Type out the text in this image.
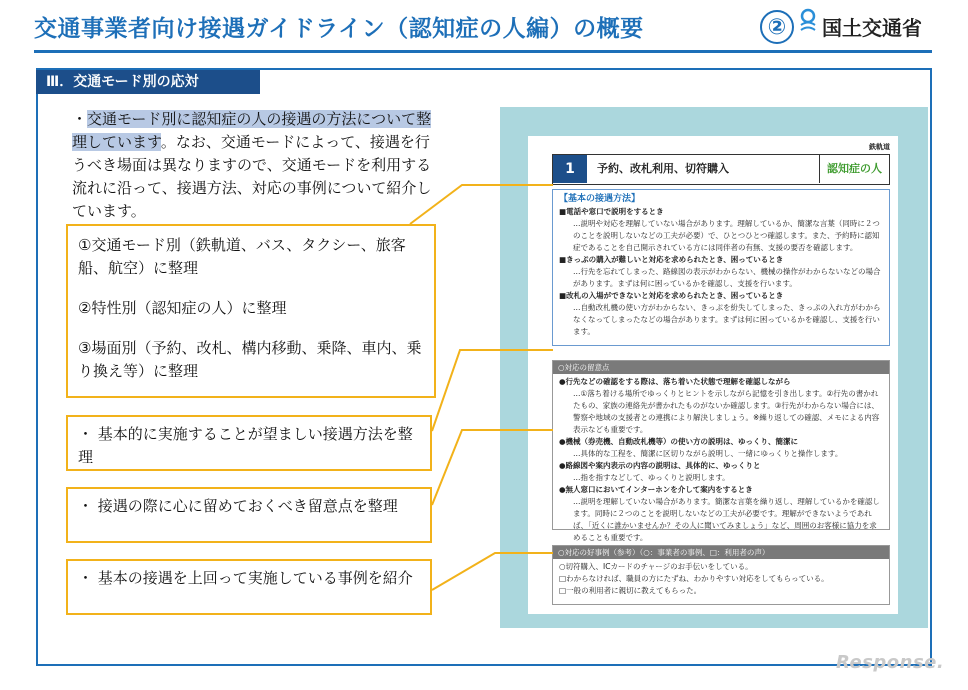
交通事業者向け接遇ガイドライン（認知症の人編）の概要	②	国土交通省
Ⅲ．交通モード別の応対
・交通モード別に認知症の人の接遇の方法について整理しています。なお、交通モードによって、接遇を行うべき場面は異なりますので、交通モードを利用する流れに沿って、接遇方法、対応の事例について紹介しています。

①交通モード別（鉄軌道、バス、タクシー、旅客船、航空）に整理

②特性別（認知症の人）に整理

③場面別（予約、改札、構内移動、乗降、車内、乗り換え等）に整理

・ 基本的に実施することが望ましい接遇方法を整理

・ 接遇の際に心に留めておくべき留意点を整理

・ 基本の接遇を上回って実施している事例を紹介

鉄軌道
1	予約、改札利用、切符購入	認知症の人
【基本の接遇方法】
■電話や窓口で説明をするとき
…説明や対応を理解していない場合があります。理解しているか、簡潔な言葉（同時に２つのことを説明しないなどの工夫が必要）で、ひとつひとつ確認します。また、予約時に認知症であることを自己開示されている方には同伴者の有無、支援の要否を確認します。
■きっぷの購入が難しいと対応を求められたとき、困っているとき
…行先を忘れてしまった、路線図の表示がわからない、機械の操作がわからないなどの場合があります。まずは何に困っているかを確認し、支援を行います。
■改札の入場ができないと対応を求められたとき、困っているとき
…自動改札機の使い方がわからない、きっぷを紛失してしまった、きっぷの入れ方がわからなくなってしまったなどの場合があります。まずは何に困っているかを確認し、支援を行います。
○対応の留意点
●行先などの確認をする際は、落ち着いた状態で理解を確認しながら
…①落ち着ける場所でゆっくりとヒントを示しながら記憶を引き出します。②行先の書かれたもの、家族の連絡先が書かれたものがないか確認します。③行先がわからない場合には、警察や地域の支援者との連携により解決しましょう。※繰り返しての確認、メモによる内容表示なども重要です。
●機械（券売機、自動改札機等）の使い方の説明は、ゆっくり、簡潔に
…具体的な工程を、簡潔に区切りながら説明し、一緒にゆっくりと操作します。
●路線図や案内表示の内容の説明は、具体的に、ゆっくりと
…指を指すなどして、ゆっくりと説明します。
●無人窓口においてインターホンを介して案内をするとき
…説明を理解していない場合があります。簡潔な言葉を繰り返し、理解しているかを確認します。同時に２つのことを説明しないなどの工夫が必要です。理解ができないようであれば、「近くに誰かいませんか？その人に聞いてみましょう」など、周囲のお客様に協力を求めることも重要です。
○対応の好事例（参考）（○：事業者の事例、□：利用者の声）
○切符購入、ICカードのチャージのお手伝いをしている。
□わからなければ、職員の方にたずね、わかりやすい対応をしてもらっている。
□一般の利用者に親切に教えてもらった。
Response.
